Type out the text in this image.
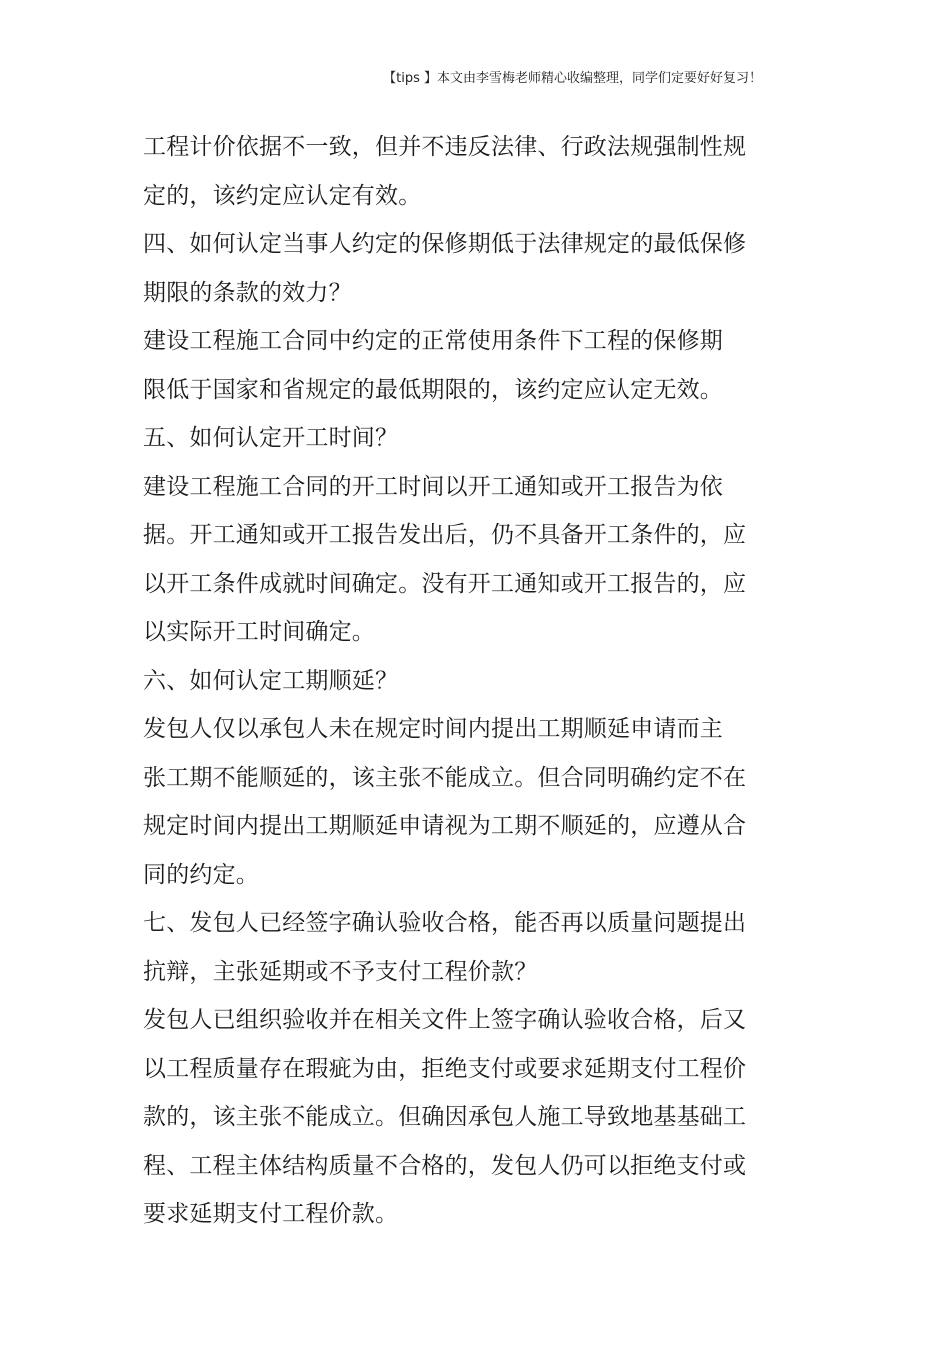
【tips 】本文由李雪梅老师精心收编整理，同学们定要好好复习！
工程计价依据不一致，但并不违反法律、行政法规强制性规
定的，该约定应认定有效。
四、如何认定当事人约定的保修期低于法律规定的最低保修
期限的条款的效力？
建设工程施工合同中约定的正常使用条件下工程的保修期
限低于国家和省规定的最低期限的，该约定应认定无效。
五、如何认定开工时间？
建设工程施工合同的开工时间以开工通知或开工报告为依
据。开工通知或开工报告发出后，仍不具备开工条件的，应
以开工条件成就时间确定。没有开工通知或开工报告的，应
以实际开工时间确定。
六、如何认定工期顺延？
发包人仅以承包人未在规定时间内提出工期顺延申请而主
张工期不能顺延的，该主张不能成立。但合同明确约定不在
规定时间内提出工期顺延申请视为工期不顺延的，应遵从合
同的约定。
七、发包人已经签字确认验收合格，能否再以质量问题提出
抗辩，主张延期或不予支付工程价款？
发包人已组织验收并在相关文件上签字确认验收合格，后又
以工程质量存在瑕疵为由，拒绝支付或要求延期支付工程价
款的，该主张不能成立。但确因承包人施工导致地基基础工
程、工程主体结构质量不合格的，发包人仍可以拒绝支付或
要求延期支付工程价款。
